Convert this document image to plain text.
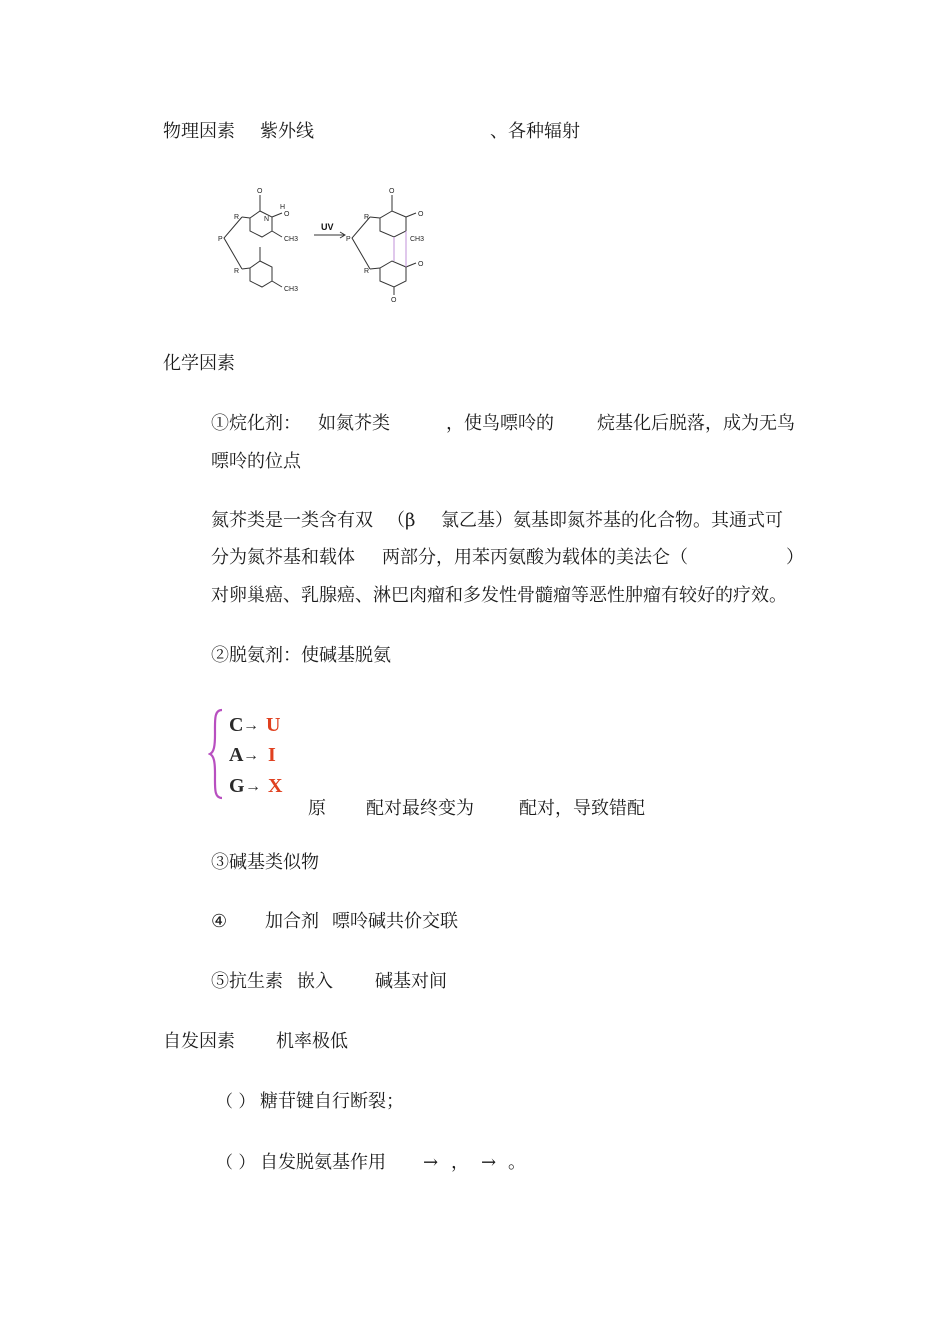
物理因素 紫外线	、各种辐射
O
H
O
N
R
P	CH3
R
CH3
R
P
O
O
R
O
O
CH3
UV
化学因素
①烷化剂： 如氮芥类	，使鸟嘌呤的 烷基化后脱落，成为无鸟
嘌呤的位点
氮芥类是一类含有双 （β 氯乙基）氨基即氮芥基的化合物。其通式可
分为氮芥基和载体 两部分，用苯丙氨酸为载体的美法仑（	）
对卵巢癌、乳腺癌、淋巴肉瘤和多发性骨髓瘤等恶性肿瘤有较好的疗效。
②脱氨剂：使碱基脱氨
C → U
A → I
G → X
原 配对最终变为	配对，导致错配
③碱基类似物
④ 加合剂 嘌呤碱共价交联
⑤抗生素 嵌入 碱基对间
自发因素 机率极低
（ ） 糖苷键自行断裂；
（ ） 自发脱氨基作用 → ， → 。
